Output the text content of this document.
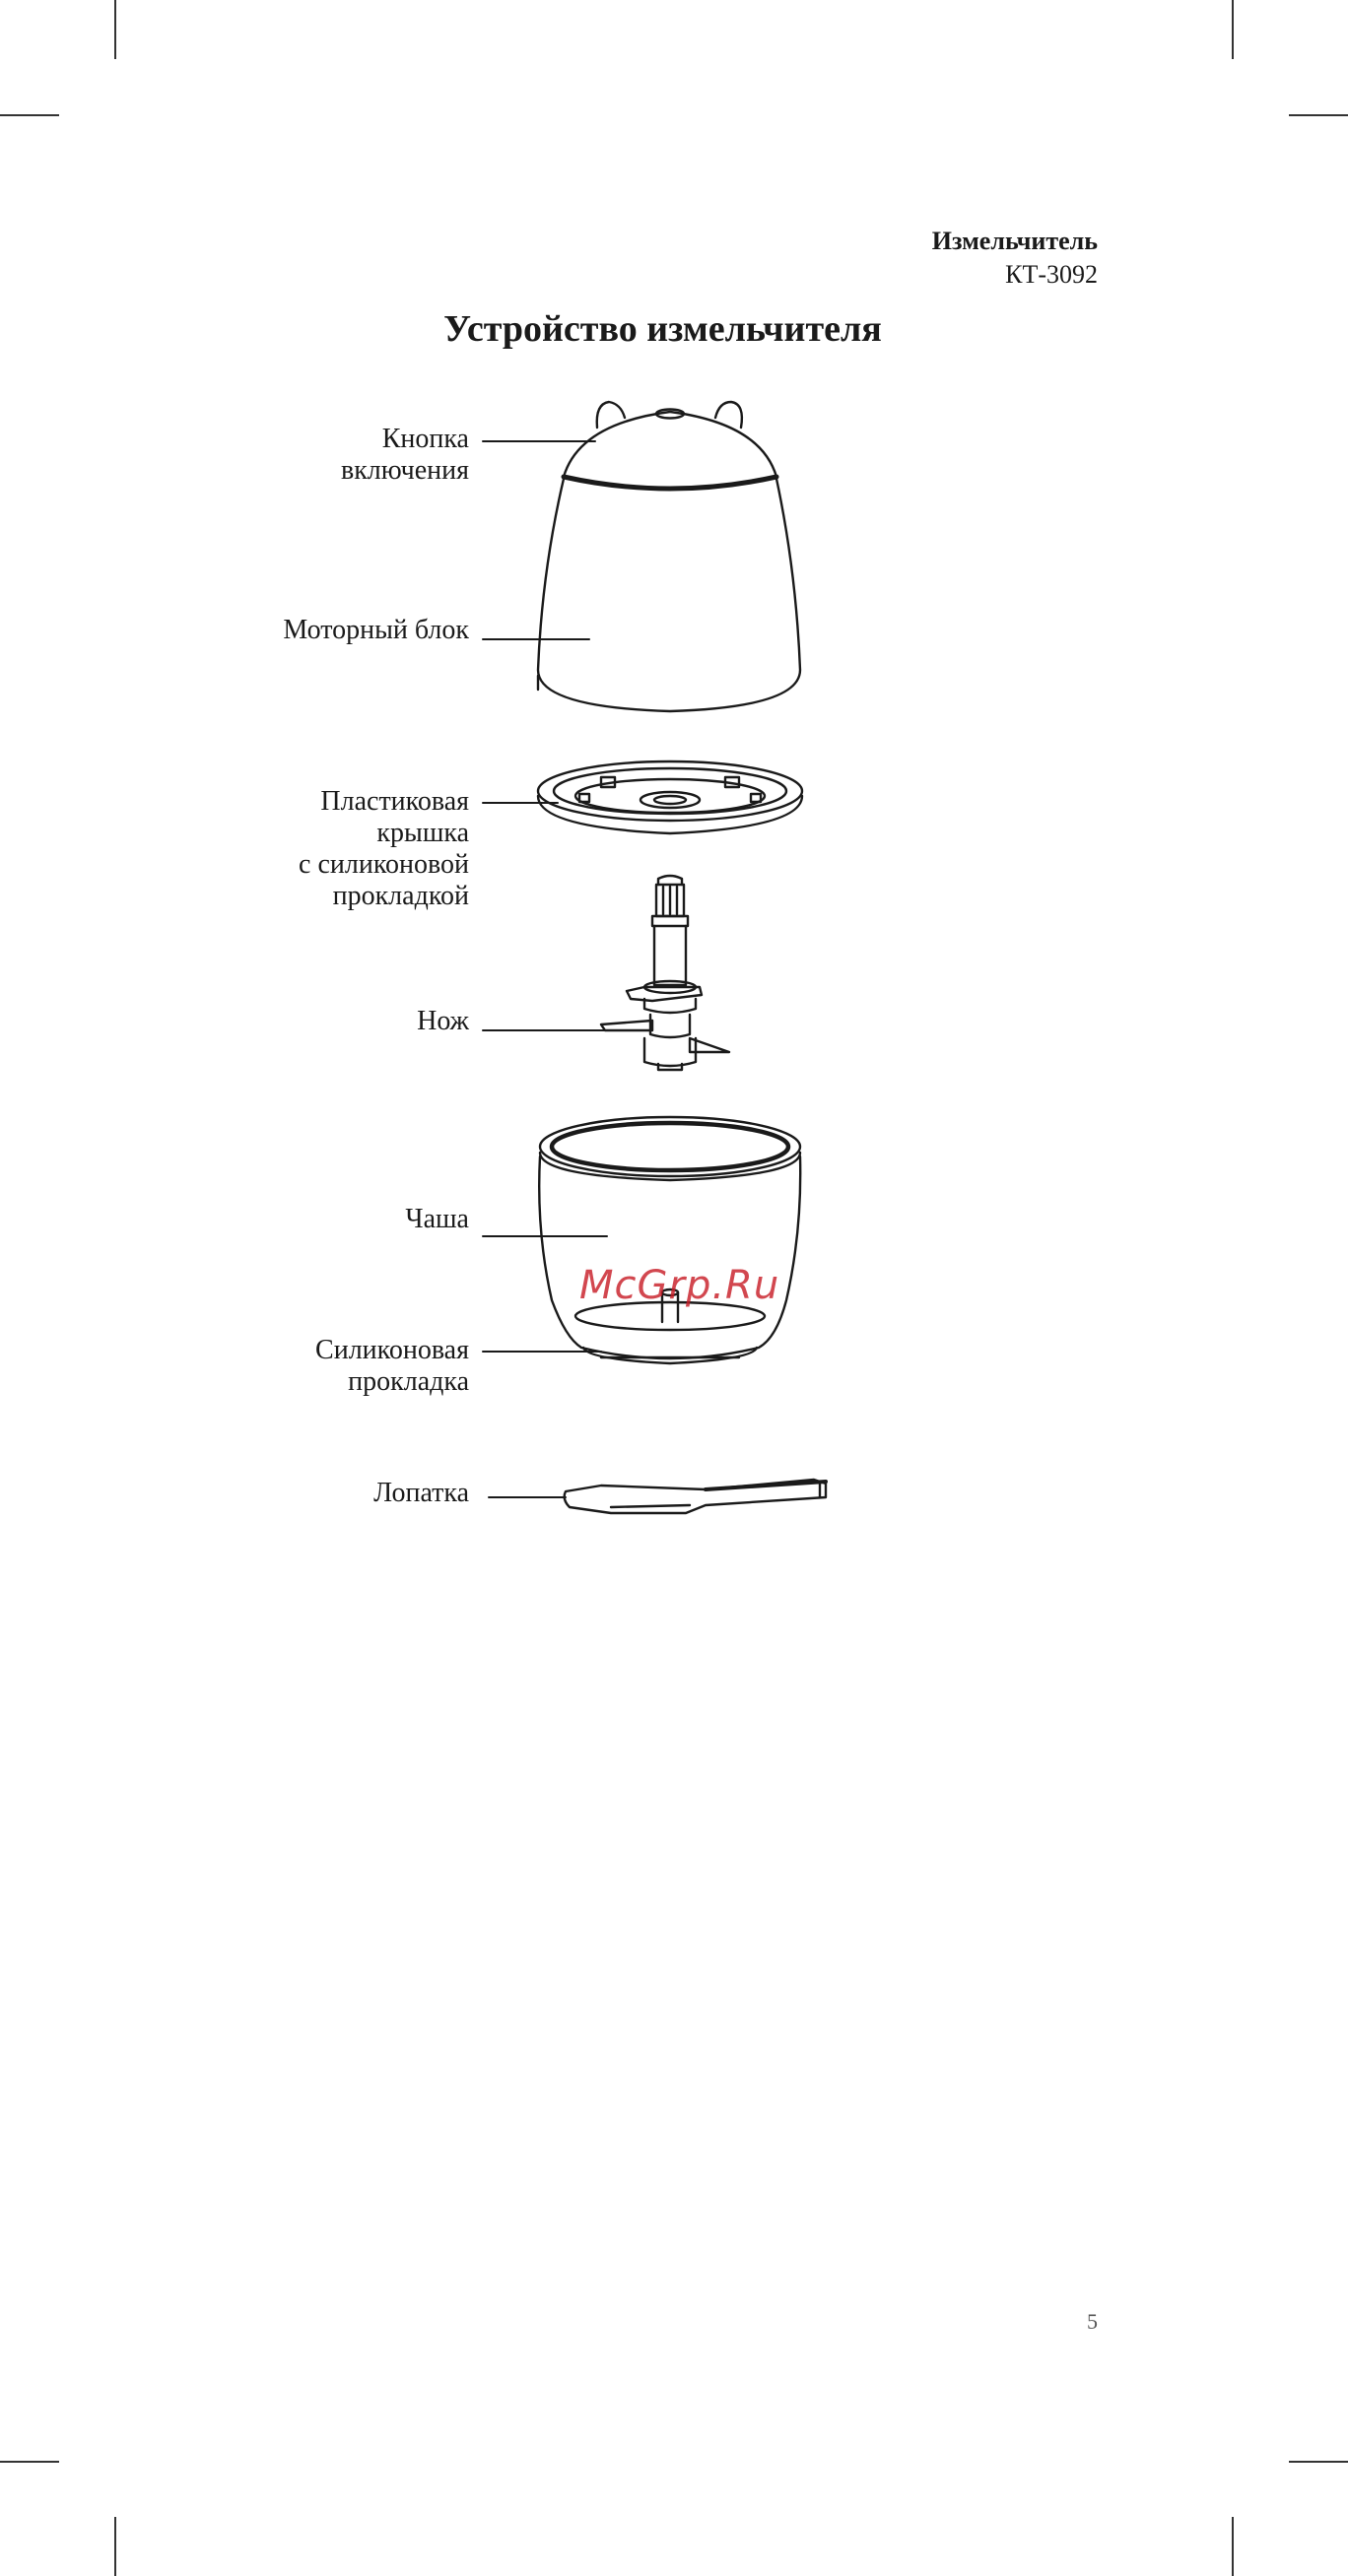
Измельчитель
КТ-3092
Устройство измельчителя
Кнопка
включения
Моторный блок
Пластиковая
крышка
с силиконовой
прокладкой
Нож
Чаша
Силиконовая
прокладка
Лопатка
McGrp.Ru
5
